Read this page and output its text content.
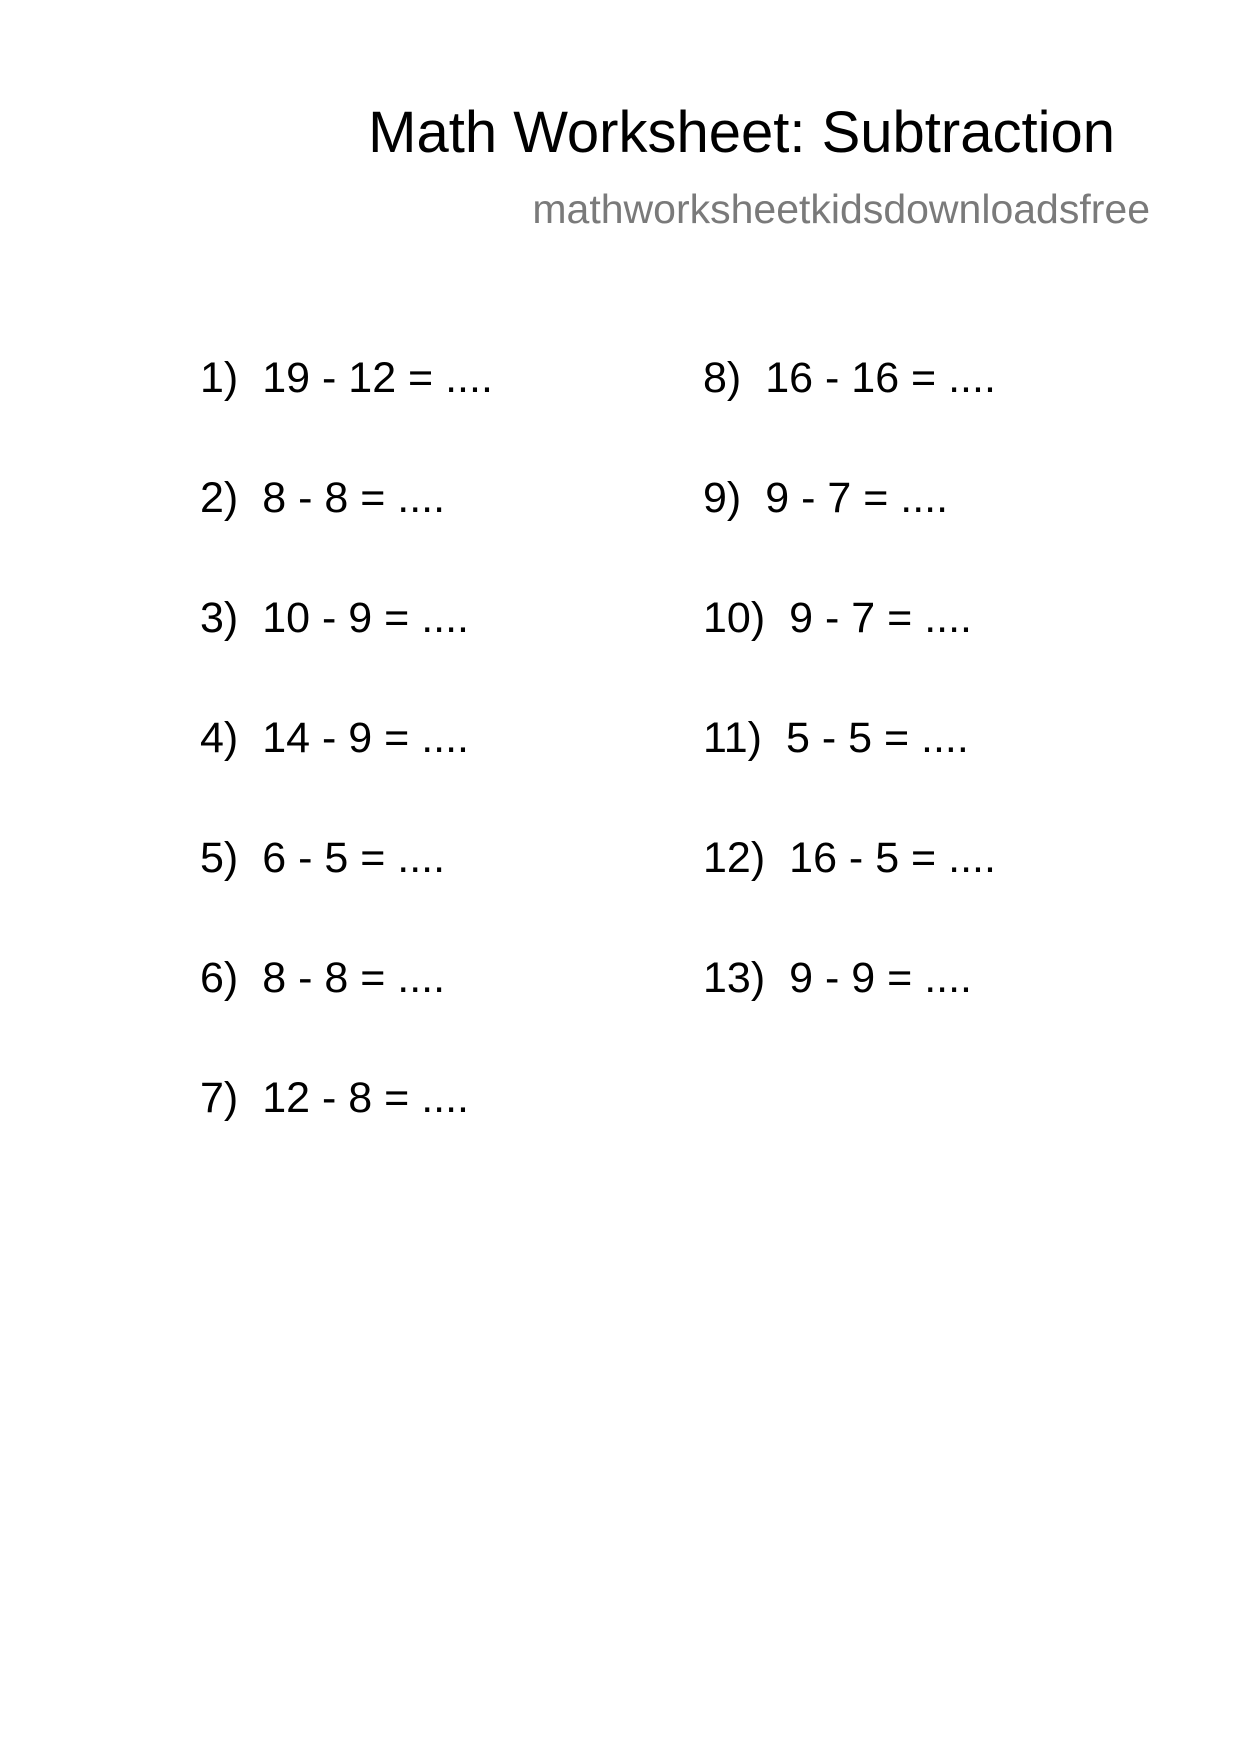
Math Worksheet: Subtraction
mathworksheetkidsdownloadsfree
1) 19 - 12 = ....
2) 8 - 8 = ....
3) 10 - 9 = ....
4) 14 - 9 = ....
5) 6 - 5 = ....
6) 8 - 8 = ....
7) 12 - 8 = ....
8) 16 - 16 = ....
9) 9 - 7 = ....
10) 9 - 7 = ....
11) 5 - 5 = ....
12) 16 - 5 = ....
13) 9 - 9 = ....
